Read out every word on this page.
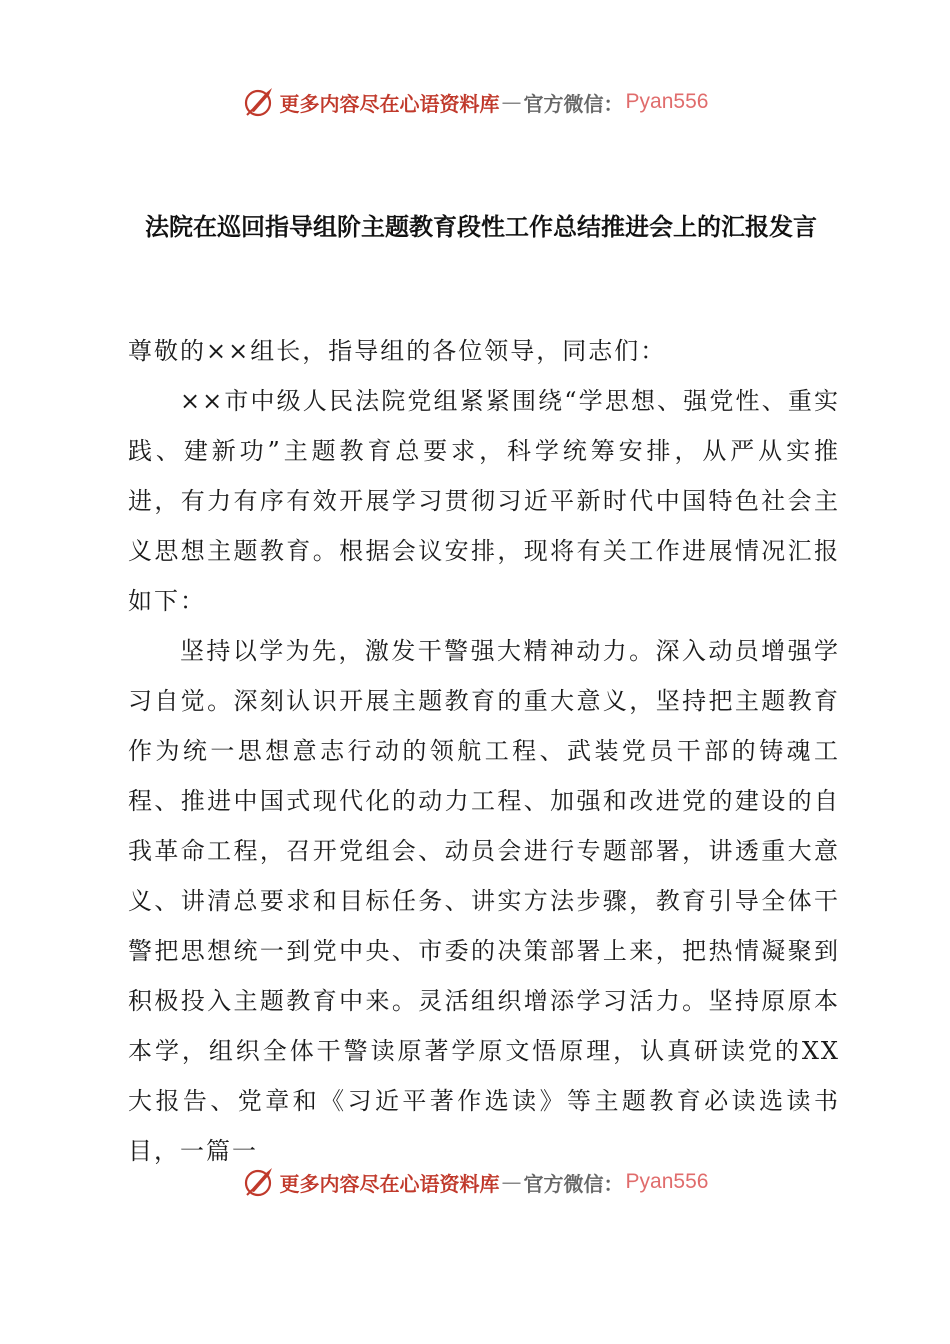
更多内容尽在心语资料库 — 官方微信： Pyan556
法院在巡回指导组阶主题教育段性工作总结推进会上的汇报发言

尊敬的××组长，指导组的各位领导，同志们：

××市中级人民法院党组紧紧围绕“学思想、强党性、重实践、建新功”主题教育总要求，科学统筹安排，从严从实推进，有力有序有效开展学习贯彻习近平新时代中国特色社会主义思想主题教育。根据会议安排，现将有关工作进展情况汇报如下：

坚持以学为先，激发干警强大精神动力。深入动员增强学习自觉。深刻认识开展主题教育的重大意义，坚持把主题教育作为统一思想意志行动的领航工程、武装党员干部的铸魂工程、推进中国式现代化的动力工程、加强和改进党的建设的自我革命工程，召开党组会、动员会进行专题部署，讲透重大意义、讲清总要求和目标任务、讲实方法步骤，教育引导全体干警把思想统一到党中央、市委的决策部署上来，把热情凝聚到积极投入主题教育中来。灵活组织增添学习活力。坚持原原本本学，组织全体干警读原著学原文悟原理，认真研读党的XX大报告、党章和《习近平著作选读》等主题教育必读选读书目，一篇一

更多内容尽在心语资料库 — 官方微信： Pyan556
